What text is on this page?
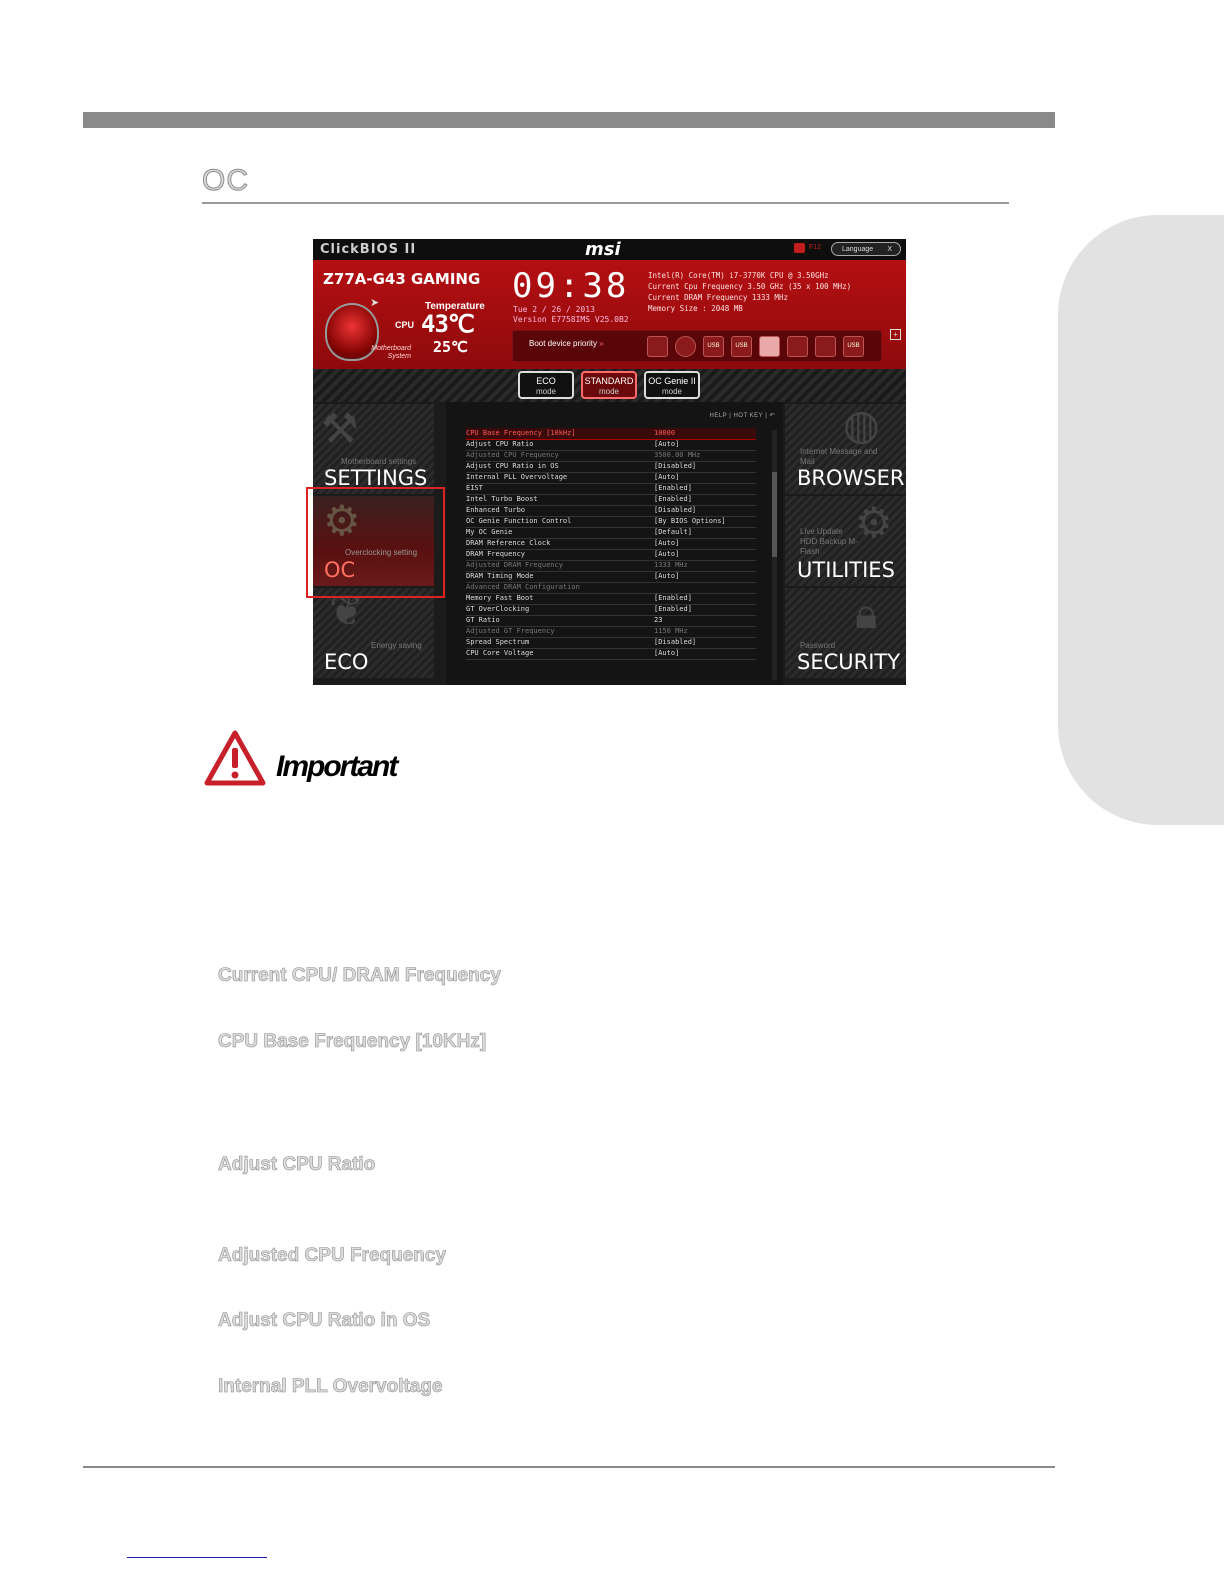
OC
ClickBIOS II	msi	F12	Language X
Z77A-G43 GAMING
➤	Temperature
CPU 43℃
Motherboard System
25℃
09:38
Tue 2 / 26 / 2013
Version E7758IMS V25.0B2
Intel(R) Core(TM) i7-3770K CPU @ 3.50GHz
Current Cpu Frequency 3.50 GHz (35 x 100 MHz)
Current DRAM Frequency 1333 MHz
Memory Size : 2048 MB
Boot device priority »	USB	USB	USB
+
ECO
mode
STANDARD
mode
OC Genie II
mode
⚒
Motherboard settings
SETTINGS
⚙
Overclocking setting
OC
❦
Energy saving
ECO
◍
Internet Message and Mail
BROWSER
⚙
Live Update HDD Backup M-Flash
UTILITIES
🔒︎
Password
SECURITY
HELP | HOT KEY | ↶
CPU Base Frequency [10kHz]	10000
Adjust CPU Ratio	[Auto]
Adjusted CPU Frequency	3500.00 MHz
Adjust CPU Ratio in OS	[Disabled]
Internal PLL Overvoltage	[Auto]
EIST	[Enabled]
Intel Turbo Boost	[Enabled]
Enhanced Turbo	[Disabled]
OC Genie Function Control	[By BIOS Options]
My OC Genie	[Default]
DRAM Reference Clock	[Auto]
DRAM Frequency	[Auto]
Adjusted DRAM Frequency	1333 MHz
DRAM Timing Mode	[Auto]
Advanced DRAM Configuration
Memory Fast Boot	[Enabled]
GT OverClocking	[Enabled]
GT Ratio	23
Adjusted GT Frequency	1150 MHz
Spread Spectrum	[Disabled]
CPU Core Voltage	[Auto]
Important
Current CPU/ DRAM Frequency
CPU Base Frequency [10KHz]
Adjust CPU Ratio
Adjusted CPU Frequency
Adjust CPU Ratio in OS
Internal PLL Overvoltage
